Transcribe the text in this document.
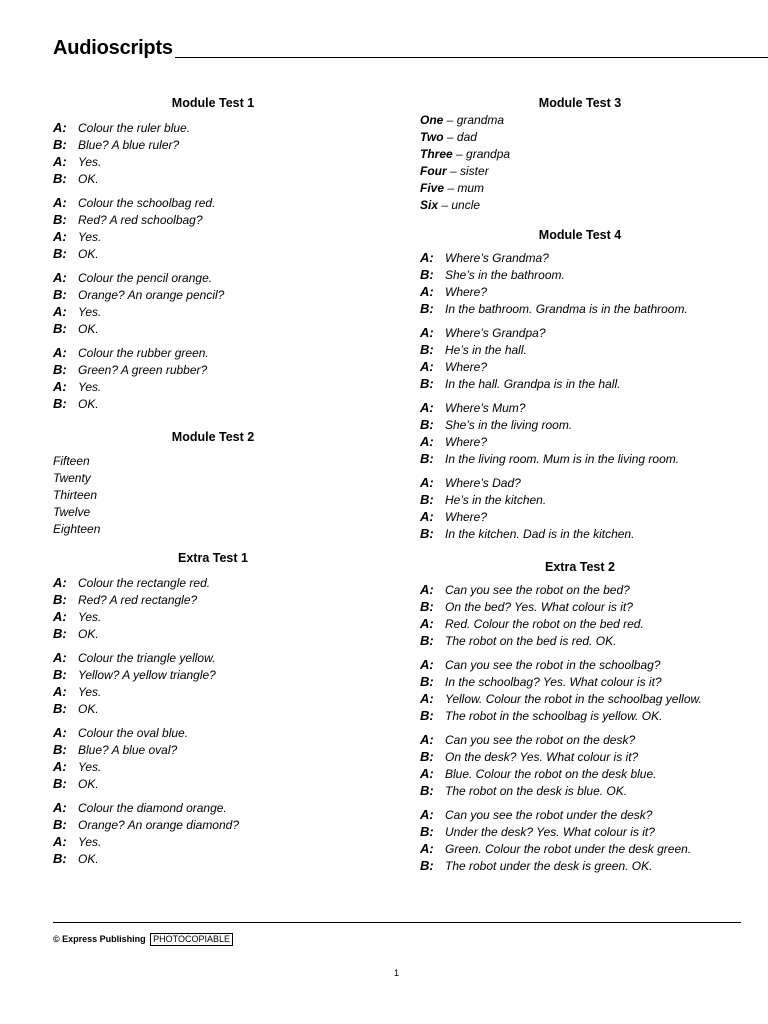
Audioscripts
Module Test 1
A: Colour the ruler blue.
B: Blue? A blue ruler?
A: Yes.
B: OK.
A: Colour the schoolbag red.
B: Red? A red schoolbag?
A: Yes.
B: OK.
A: Colour the pencil orange.
B: Orange? An orange pencil?
A: Yes.
B: OK.
A: Colour the rubber green.
B: Green? A green rubber?
A: Yes.
B: OK.
Module Test 2
Fifteen
Twenty
Thirteen
Twelve
Eighteen
Extra Test 1
A: Colour the rectangle red.
B: Red? A red rectangle?
A: Yes.
B: OK.
A: Colour the triangle yellow.
B: Yellow? A yellow triangle?
A: Yes.
B: OK.
A: Colour the oval blue.
B: Blue? A blue oval?
A: Yes.
B: OK.
A: Colour the diamond orange.
B: Orange? An orange diamond?
A: Yes.
B: OK.
Module Test 3
One – grandma
Two – dad
Three – grandpa
Four – sister
Five – mum
Six – uncle
Module Test 4
A: Where’s Grandma?
B: She’s in the bathroom.
A: Where?
B: In the bathroom. Grandma is in the bathroom.
A: Where’s Grandpa?
B: He’s in the hall.
A: Where?
B: In the hall. Grandpa is in the hall.
A: Where’s Mum?
B: She’s in the living room.
A: Where?
B: In the living room. Mum is in the living room.
A: Where’s Dad?
B: He’s in the kitchen.
A: Where?
B: In the kitchen. Dad is in the kitchen.
Extra Test 2
A: Can you see the robot on the bed?
B: On the bed? Yes. What colour is it?
A: Red. Colour the robot on the bed red.
B: The robot on the bed is red. OK.
A: Can you see the robot in the schoolbag?
B: In the schoolbag? Yes. What colour is it?
A: Yellow. Colour the robot in the schoolbag yellow.
B: The robot in the schoolbag is yellow. OK.
A: Can you see the robot on the desk?
B: On the desk? Yes. What colour is it?
A: Blue. Colour the robot on the desk blue.
B: The robot on the desk is blue. OK.
A: Can you see the robot under the desk?
B: Under the desk? Yes. What colour is it?
A: Green. Colour the robot under the desk green.
B: The robot under the desk is green. OK.
© Express Publishing PHOTOCOPIABLE
1
